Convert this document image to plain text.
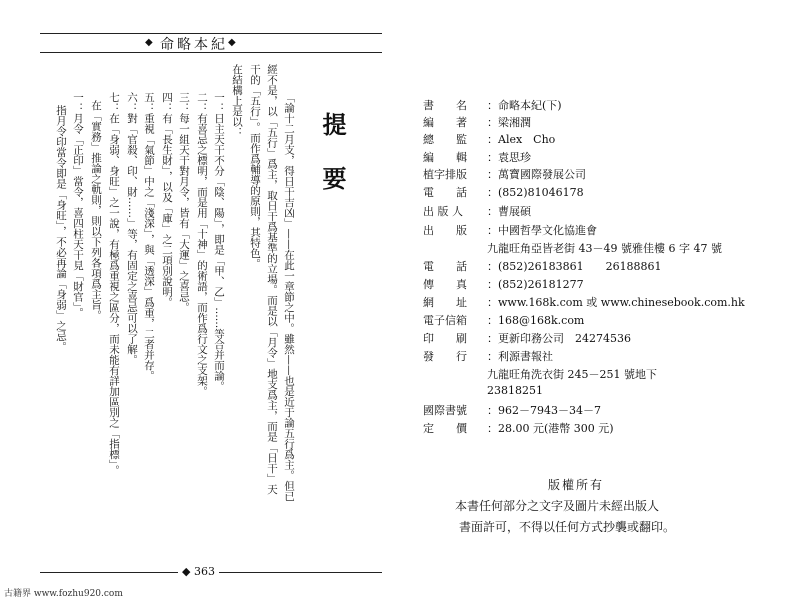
◆ 命略本紀 ◆
提要
「論十二月支，得日干吉凶」——在此一章節之中。雖然——也是近于論五行爲主。但已
經不是，以「五行」爲主，取日干爲基準的立場。而是以「月令」地支爲主，而是「日干」天
干的「五行」。而作爲輔導的原則，其特色。
在結構上是以：
一：日主天干不分「陰、陽」，即是「甲、乙」……等合并而論。
二：有喜忌之標明，而是用「十神」的術語，而作爲行文之支架。
三：每一組天干對月令，皆有「大運」之喜忌。
四：有「長生財」，以及「庫」之二項別說明。
五：重視「氣節」中之「淺深」，與「透深」爲重，二者并存。
六：對「官殺、印、財……」等，有固定之喜忌可以了解。
七：在「身弱、身旺」之一說，有極爲重視之區分，而未能有詳加區別之「指標」。
在「實務」推論之軌則，則以下列各項爲主旨。
一：月令「正印」當令，喜四柱天干見「財官」。
指月令印當令即是「身旺」，不必再論「身弱」之忌。
◆ 363
書　　名 ：命略本紀(下)
編　　著 ：梁湘潤
總　　監 ：Alex　Cho
編　　輯 ：袁思珍
植字排版 ：萬寶國際發展公司
電　　話 ：(852)81046178
出 版 人 ：曹展碩
出　　版 ：中國哲學文化協進會
九龍旺角亞皆老街 43－49 號雅佳樓 6 字 47 號
電　　話 ：(852)26183861　　26188861
傳　　真 ：(852)26181277
網　　址 ：www.168k.com 或 www.chinesebook.com.hk
電子信箱 ：168@168k.com
印　　刷 ：更新印務公司　24274536
發　　行 ：利源書報社
九龍旺角洗衣街 245－251 號地下
23818251
國際書號 ：962－7943－34－7
定　　價 ：28.00 元(港幣 300 元)
版權所有
本書任何部分之文字及圖片未經出版人
書面許可，不得以任何方式抄襲或翻印。
古籍界 www.fozhu920.com
